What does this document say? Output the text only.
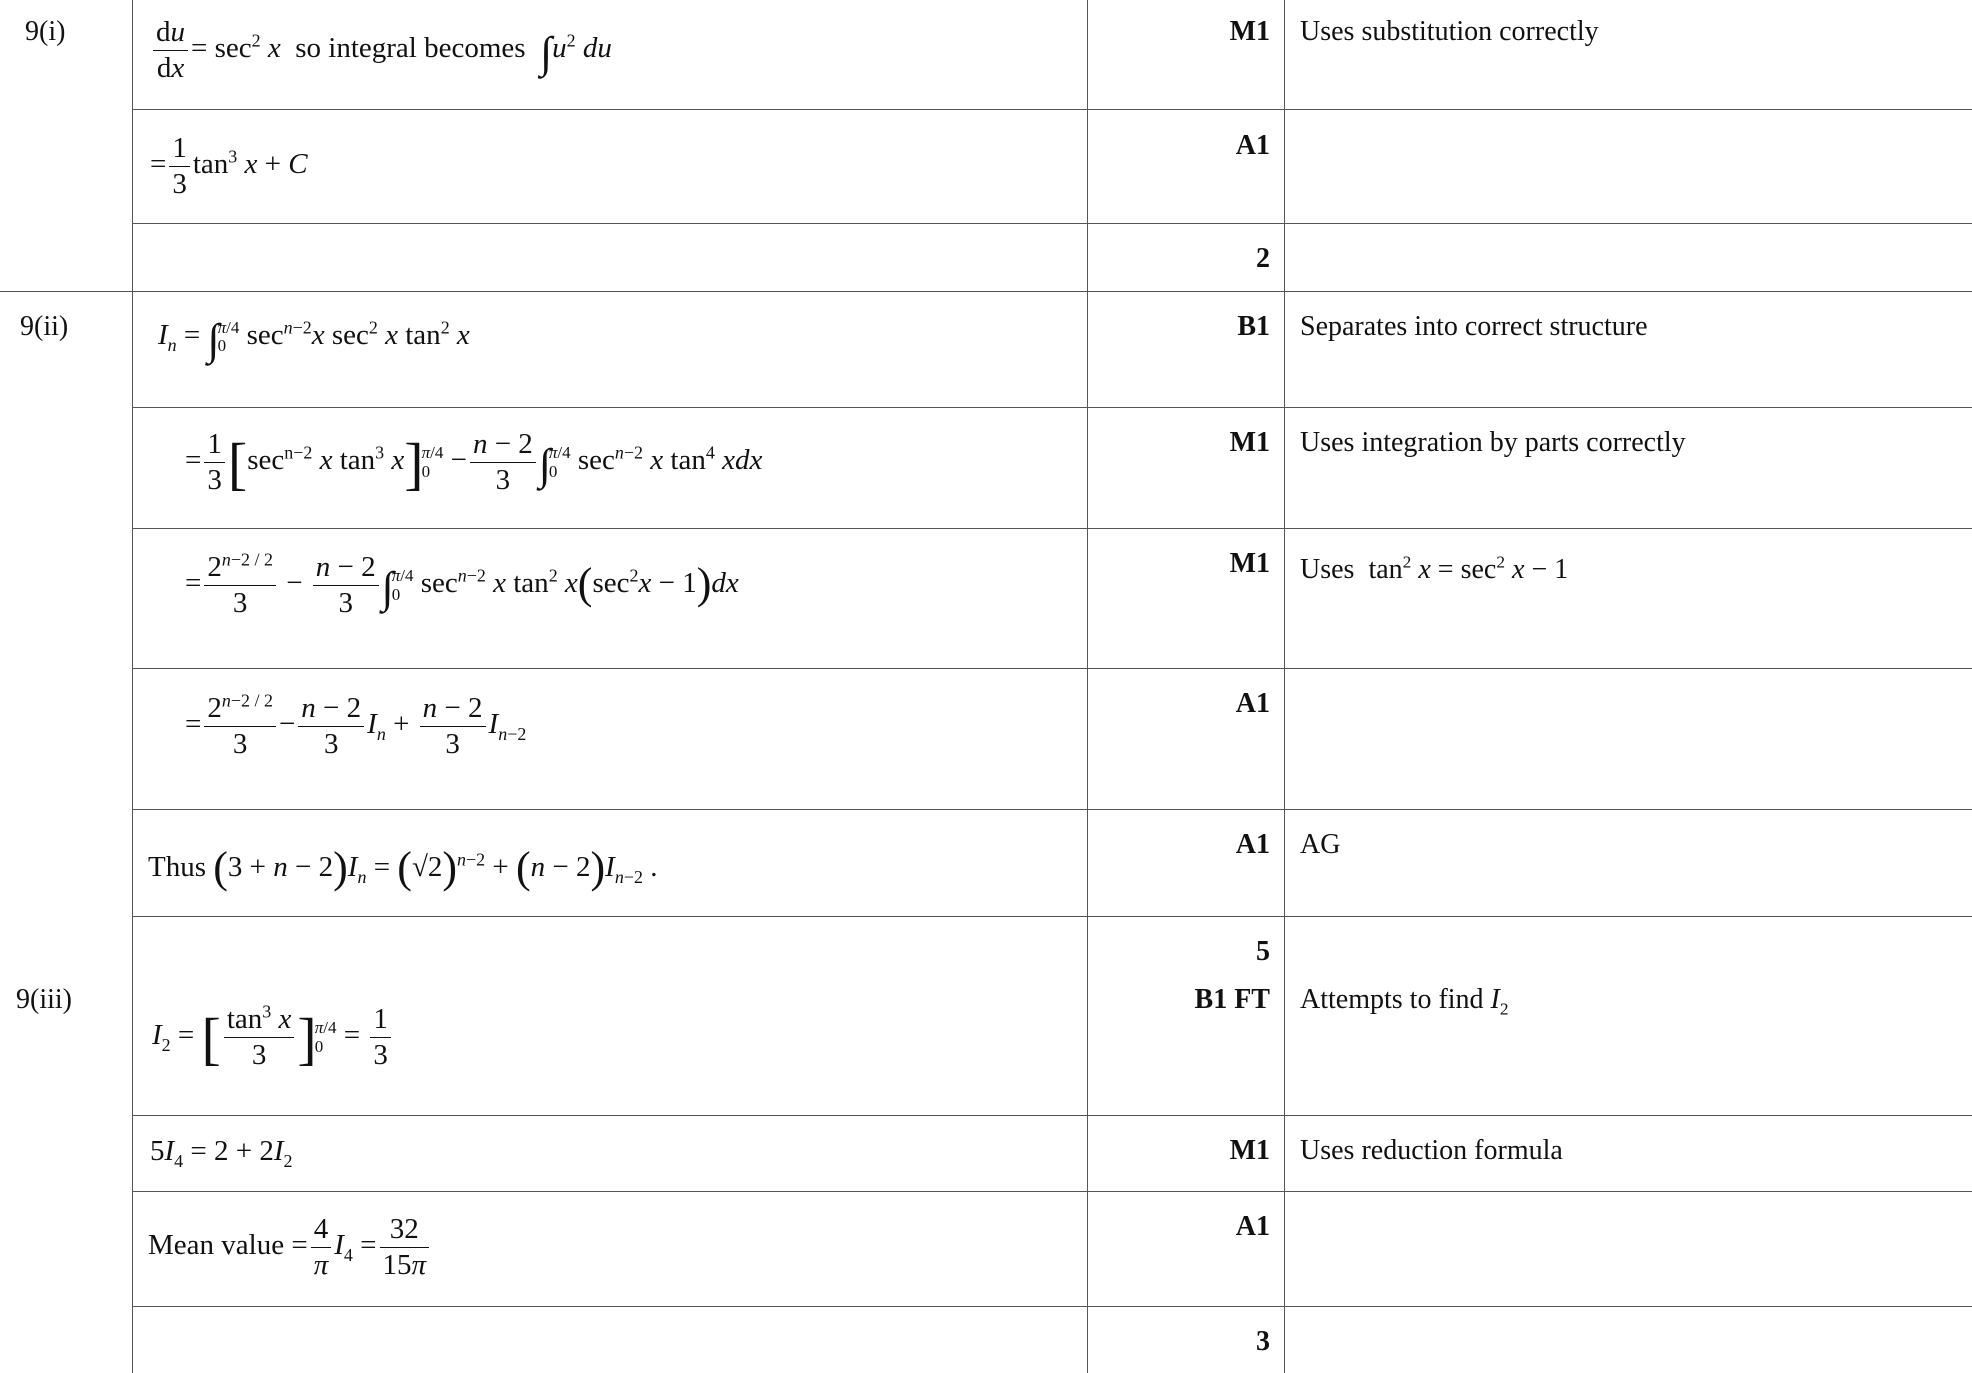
9(i)
9(ii)
9(iii)
M1
A1
2
B1
M1
M1
A1
A1
5
B1 FT
M1
A1
3
Uses substitution correctly
Separates into correct structure
Uses integration by parts correctly
Uses  $\tan^2 x = \sec^2 x - 1$
AG
Attempts to find $I_2$
Uses reduction formula
$\frac{du}{dx} = \sec^2 x$ so integral becomes $\int u^2$ du
= $\frac{1}{3} \tan^3 x + C$
$I_n$ = ∫
π/4
0 $\sec^{n-2}x$ $\sec^2 x$ $\tan^2 x$
= $\frac{1}{3} [\sec^{n-2}$ x $\tan^3 x$]
π/4
$0 - \frac{n - 2}{3}$ ∫
π/4
0 $\sec^{n-2} x$ $\tan^4$ xdx
= $\frac{2^{n-2 / 2}}{3} - \frac{n - 2}{3}$ ∫
π/4
0 $\sec^{n-2} x$ $\tan^2 x(\sec^2x - 1)dx$
= $\frac{2^{n-2 / 2}}{3} - \frac{n - 2}{3} I_n + \frac{n - 2}{3} I_{n-2}$
Thus $(3 + n - 2)I_n = (√2)^{n-2} + (n - 2)I_{n-2}$ .
$I_2$ = [ $\frac{\tan^3 x}{3}$ ]
π/4
$0 = \frac{1}{3}$
$5I_4 = 2 + 2I_2$
Mean value = $\frac{4}{\pi} I_4 = \frac{32}{15\pi}$
